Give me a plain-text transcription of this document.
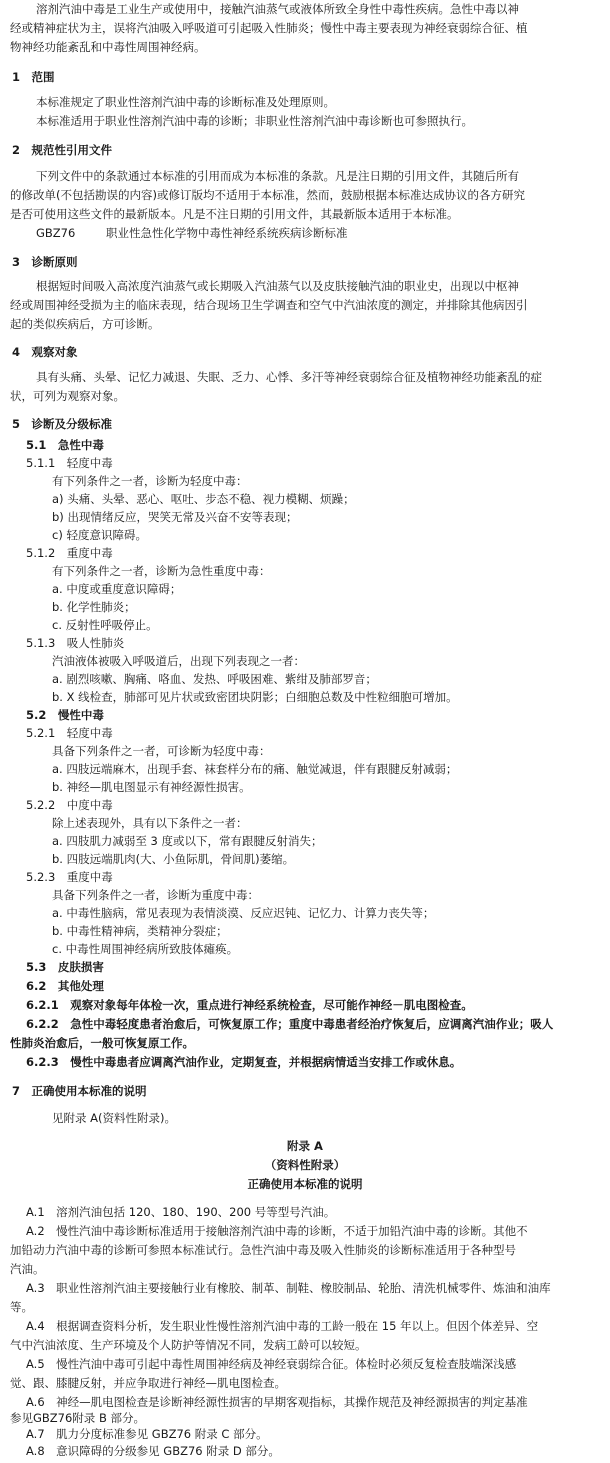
溶剂汽油中毒是工业生产或使用中，接触汽油蒸气或液体所致全身性中毒性疾病。急性中毒以神

经或精神症状为主，误将汽油吸入呼吸道可引起吸入性肺炎；慢性中毒主要表现为神经衰弱综合征、植

物神经功能紊乱和中毒性周围神经病。

1　范围

本标准规定了职业性溶剂汽油中毒的诊断标准及处理原则。

本标准适用于职业性溶剂汽油中毒的诊断；非职业性溶剂汽油中毒诊断也可参照执行。

2　规范性引用文件

下列文件中的条款通过本标准的引用而成为本标准的条款。凡是注日期的引用文件，其随后所有

的修改单(不包括勘误的内容)或修订版均不适用于本标准，然而，鼓励根据本标准达成协议的各方研究

是否可使用这些文件的最新版本。凡是不注日期的引用文件，其最新版本适用于本标准。

GBZ76	职业性急性化学物中毒性神经系统疾病诊断标准

3　诊断原则

根据短时间吸入高浓度汽油蒸气或长期吸入汽油蒸气以及皮肤接触汽油的职业史，出现以中枢神

经或周围神经受损为主的临床表现，结合现场卫生学调查和空气中汽油浓度的测定，并排除其他病因引

起的类似疾病后，方可诊断。

4　观察对象

具有头痛、头晕、记忆力减退、失眠、乏力、心悸、多汗等神经衰弱综合征及植物神经功能紊乱的症

状，可列为观察对象。

5　诊断及分级标准

5.1　急性中毒

5.1.1　轻度中毒

有下列条件之一者，诊断为轻度中毒：

a) 头痛、头晕、恶心、呕吐、步态不稳、视力模糊、烦躁；

b) 出现情绪反应，哭笑无常及兴奋不安等表现；

c) 轻度意识障碍。

5.1.2　重度中毒

有下列条件之一者，诊断为急性重度中毒：

a. 中度或重度意识障碍；

b. 化学性肺炎；

c. 反射性呼吸停止。

5.1.3　吸人性肺炎

汽油液体被吸入呼吸道后，出现下列表现之一者：

a. 剧烈咳嗽、胸痛、咯血、发热、呼吸困难、紫绀及肺部罗音；

b. X 线检查，肺部可见片状或致密团块阴影；白细胞总数及中性粒细胞可增加。

5.2　慢性中毒

5.2.1　轻度中毒

具备下列条件之一者，可诊断为轻度中毒：

a. 四肢远端麻木，出现手套、袜套样分布的痛、触觉减退，伴有跟腱反射减弱；

b. 神经—肌电图显示有神经源性损害。

5.2.2　中度中毒

除上述表现外，具有以下条件之一者：

a. 四肢肌力减弱至 3 度或以下，常有跟腱反射消失；

b. 四肢远端肌肉(大、小鱼际肌，骨间肌)萎缩。

5.2.3　重度中毒

具备下列条件之一者，诊断为重度中毒：

a. 中毒性脑病，常见表现为表情淡漠、反应迟钝、记忆力、计算力丧失等；

b. 中毒性精神病，类精神分裂症；

c. 中毒性周围神经病所致肢体瘫痪。

5.3　皮肤损害

6.2　其他处理

6.2.1　观察对象每年体检一次，重点进行神经系统检查，尽可能作神经－肌电图检查。

6.2.2　急性中毒轻度患者治愈后，可恢复原工作；重度中毒患者经治疗恢复后，应调离汽油作业；吸人

性肺炎治愈后，一般可恢复原工作。

6.2.3　慢性中毒患者应调离汽油作业，定期复查，并根据病情适当安排工作或休息。

7　正确使用本标准的说明

见附录 A(资料性附录)。

附录 A

（资料性附录）

正确使用本标准的说明

A.1　溶剂汽油包括 120、180、190、200 号等型号汽油。

A.2　慢性汽油中毒诊断标准适用于接触溶剂汽油中毒的诊断，不适于加铅汽油中毒的诊断。其他不

加铅动力汽油中毒的诊断可参照本标准试行。急性汽油中毒及吸入性肺炎的诊断标准适用于各种型号

汽油。

A.3　职业性溶剂汽油主要接触行业有橡胶、制革、制鞋、橡胶制品、轮胎、清洗机械零件、炼油和油库

等。

A.4　根据调查资料分析，发生职业性慢性溶剂汽油中毒的工龄一般在 15 年以上。但因个体差异、空

气中汽油浓度、生产环境及个人防护等情况不同，发病工龄可以较短。

A.5　慢性汽油中毒可引起中毒性周围神经病及神经衰弱综合征。体检时必须反复检查肢端深浅感

觉、跟、膝腱反射，并应争取进行神经—肌电图检查。

A.6　神经—肌电图检查是诊断神经源性损害的早期客观指标，其操作规范及神经源损害的判定基准

参见GBZ76附录 B 部分。

A.7　肌力分度标准参见 GBZ76 附录 C 部分。

A.8　意识障碍的分级参见 GBZ76 附录 D 部分。
